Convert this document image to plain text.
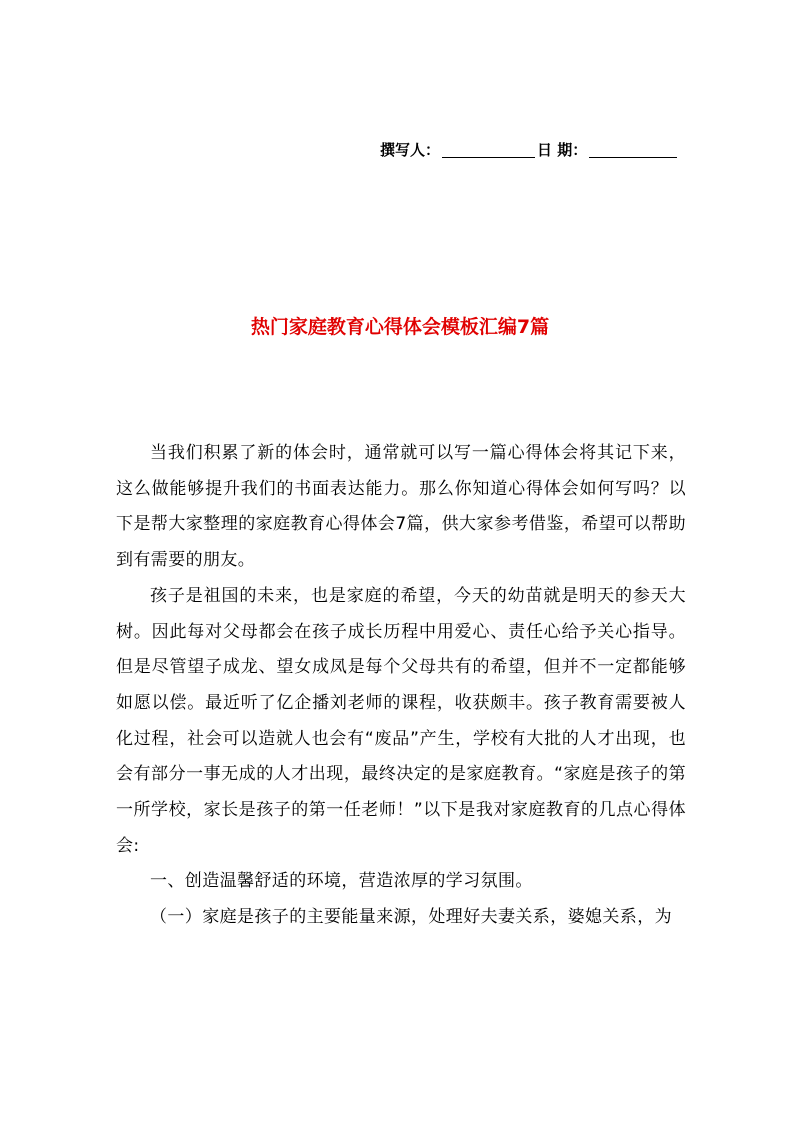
撰写人：	日 期：
热门家庭教育心得体会模板汇编7篇

当我们积累了新的体会时，通常就可以写一篇心得体会将其记下来，这么做能够提升我们的书面表达能力。那么你知道心得体会如何写吗？以下是帮大家整理的家庭教育心得体会7篇，供大家参考借鉴，希望可以帮助到有需要的朋友。

孩子是祖国的未来，也是家庭的希望，今天的幼苗就是明天的参天大树。因此每对父母都会在孩子成长历程中用爱心、责任心给予关心指导。但是尽管望子成龙、望女成凤是每个父母共有的希望，但并不一定都能够如愿以偿。最近听了亿企播刘老师的课程，收获颇丰。孩子教育需要被人化过程，社会可以造就人也会有“废品”产生，学校有大批的人才出现，也会有部分一事无成的人才出现，最终决定的是家庭教育。“家庭是孩子的第一所学校，家长是孩子的第一任老师！”以下是我对家庭教育的几点心得体会:

一、创造温馨舒适的环境，营造浓厚的学习氛围。

（一）家庭是孩子的主要能量来源，处理好夫妻关系，婆媳关系，为
